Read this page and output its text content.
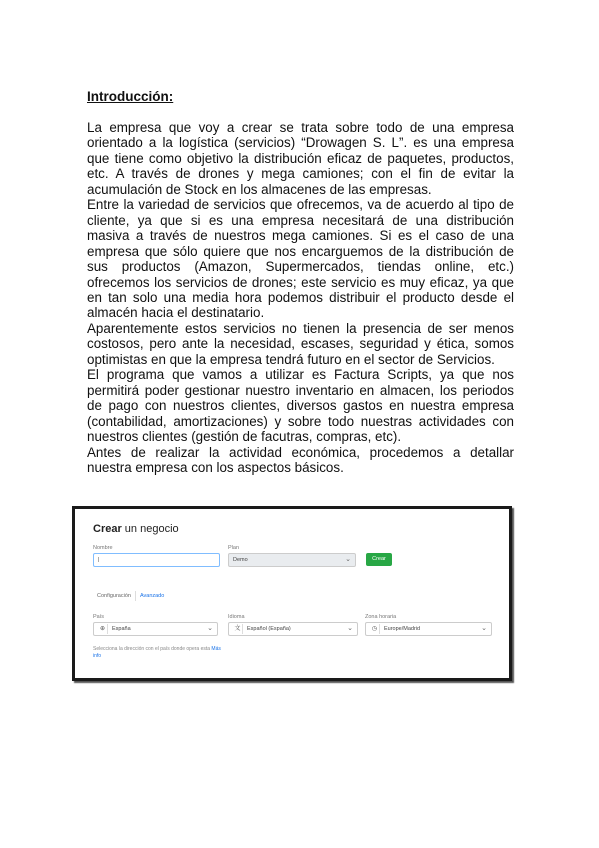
Introducción:

La empresa que voy a crear se trata sobre todo de una empresa orientado a la logística (servicios) “Drowagen S. L”. es una empresa que tiene como objetivo la distribución eficaz de paquetes, productos, etc. A través de drones y mega camiones; con el fin de evitar la acumulación de Stock en los almacenes de las empresas.

Entre la variedad de servicios que ofrecemos, va de acuerdo al tipo de cliente, ya que si es una empresa necesitará de una distribución masiva a través de nuestros mega camiones. Si es el caso de una empresa que sólo quiere que nos encarguemos de la distribución de sus productos (Amazon, Supermercados, tiendas online, etc.) ofrecemos los servicios de drones; este servicio es muy eficaz, ya que en tan solo una media hora podemos distribuir el producto desde el almacén hacia el destinatario.

Aparentemente estos servicios no tienen la presencia de ser menos costosos, pero ante la necesidad, escases, seguridad y ética, somos optimistas en que la empresa tendrá futuro en el sector de Servicios.

El programa que vamos a utilizar es Factura Scripts, ya que nos permitirá poder gestionar nuestro inventario en almacen, los periodos de pago con nuestros clientes, diversos gastos en nuestra empresa (contabilidad, amortizaciones) y sobre todo nuestras actividades con nuestros clientes (gestión de facutras, compras, etc).

Antes de realizar la actividad económica, procedemos a detallar nuestra empresa con los aspectos básicos.

Crear un negocio
Nombre
|
Plan
Demo	⌄	Crear
Configuración Avanzado
País
⊕ España	⌄
Idioma
文 Español (España)	⌄
Zona horaria
◷ Europe/Madrid	⌄
Selecciona la dirección con el país donde opera esta Más info
